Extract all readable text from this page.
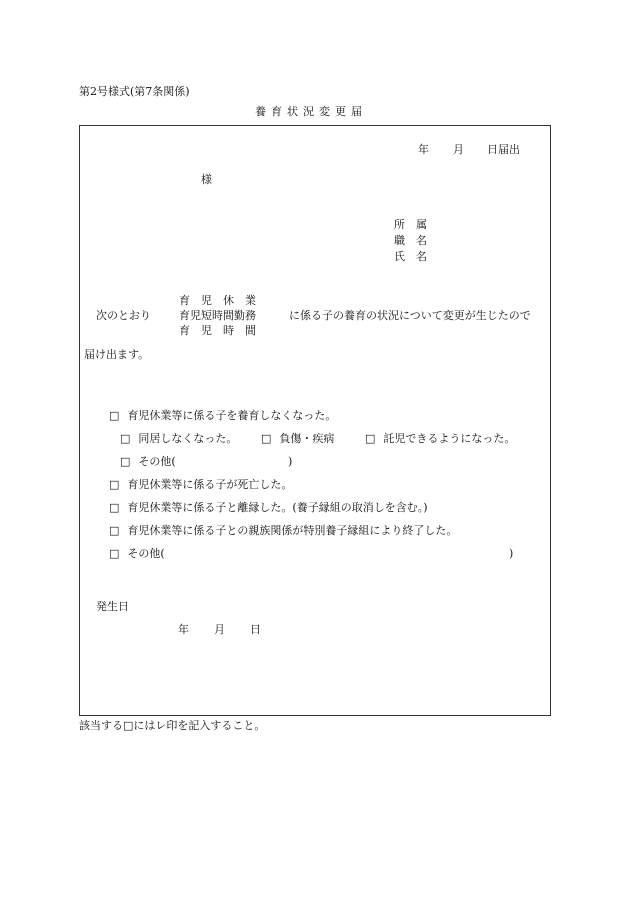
第2号様式(第7条関係)
養育状況変更届
年 月 日届出
様
所　属
職　名
氏　名
次のとおり
育　児　休　業
育児短時間勤務
育　児　時　間
に係る子の養育の状況について変更が生じたので
届け出ます。
□ 育児休業等に係る子を養育しなくなった。
□ 同居しなくなった。 □ 負傷・疾病	□ 託児できるようになった。
□ その他(	)
□ 育児休業等に係る子が死亡した。
□ 育児休業等に係る子と離縁した。(養子縁組の取消しを含む。)
□ 育児休業等に係る子との親族関係が特別養子縁組により終了した。
□ その他(	)
発生日
年 月 日
該当する□にはレ印を記入すること。
